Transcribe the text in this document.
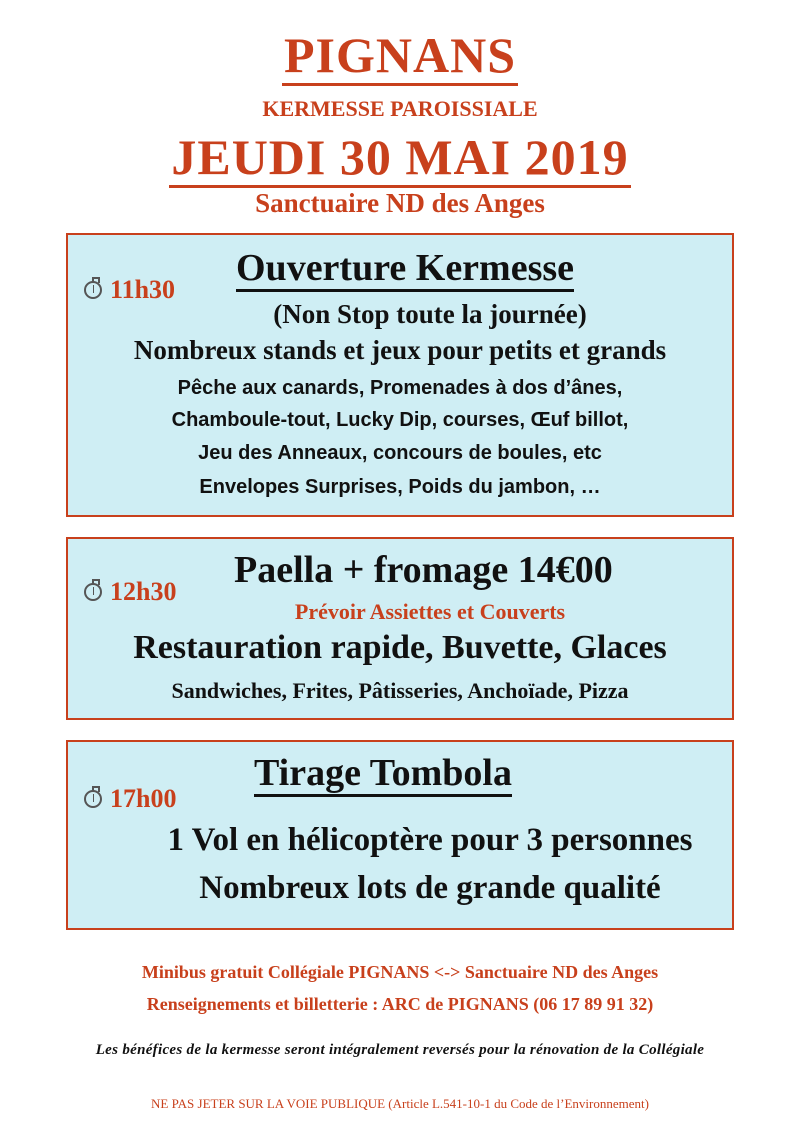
PIGNANS
KERMESSE PAROISSIALE
JEUDI 30 MAI 2019
Sanctuaire ND des Anges
11h30
Ouverture Kermesse
(Non Stop toute la journée)
Nombreux stands et jeux pour petits et grands
Pêche aux canards, Promenades à dos d’ânes,
Chamboule-tout, Lucky Dip, courses, Œuf billot,
Jeu des Anneaux, concours de boules, etc
Envelopes Surprises, Poids du jambon, …
12h30
Paella + fromage 14€00
Prévoir Assiettes et Couverts
Restauration rapide, Buvette, Glaces
Sandwiches, Frites, Pâtisseries, Anchoïade, Pizza
17h00
Tirage Tombola
1 Vol en hélicoptère pour 3 personnes
Nombreux lots de grande qualité
Minibus gratuit Collégiale PIGNANS <-> Sanctuaire ND des Anges
Renseignements et billetterie : ARC de PIGNANS (06 17 89 91 32)
Les bénéfices de la kermesse seront intégralement reversés pour la rénovation de la Collégiale
NE PAS JETER SUR LA VOIE PUBLIQUE (Article L.541-10-1 du Code de l’Environnement)
